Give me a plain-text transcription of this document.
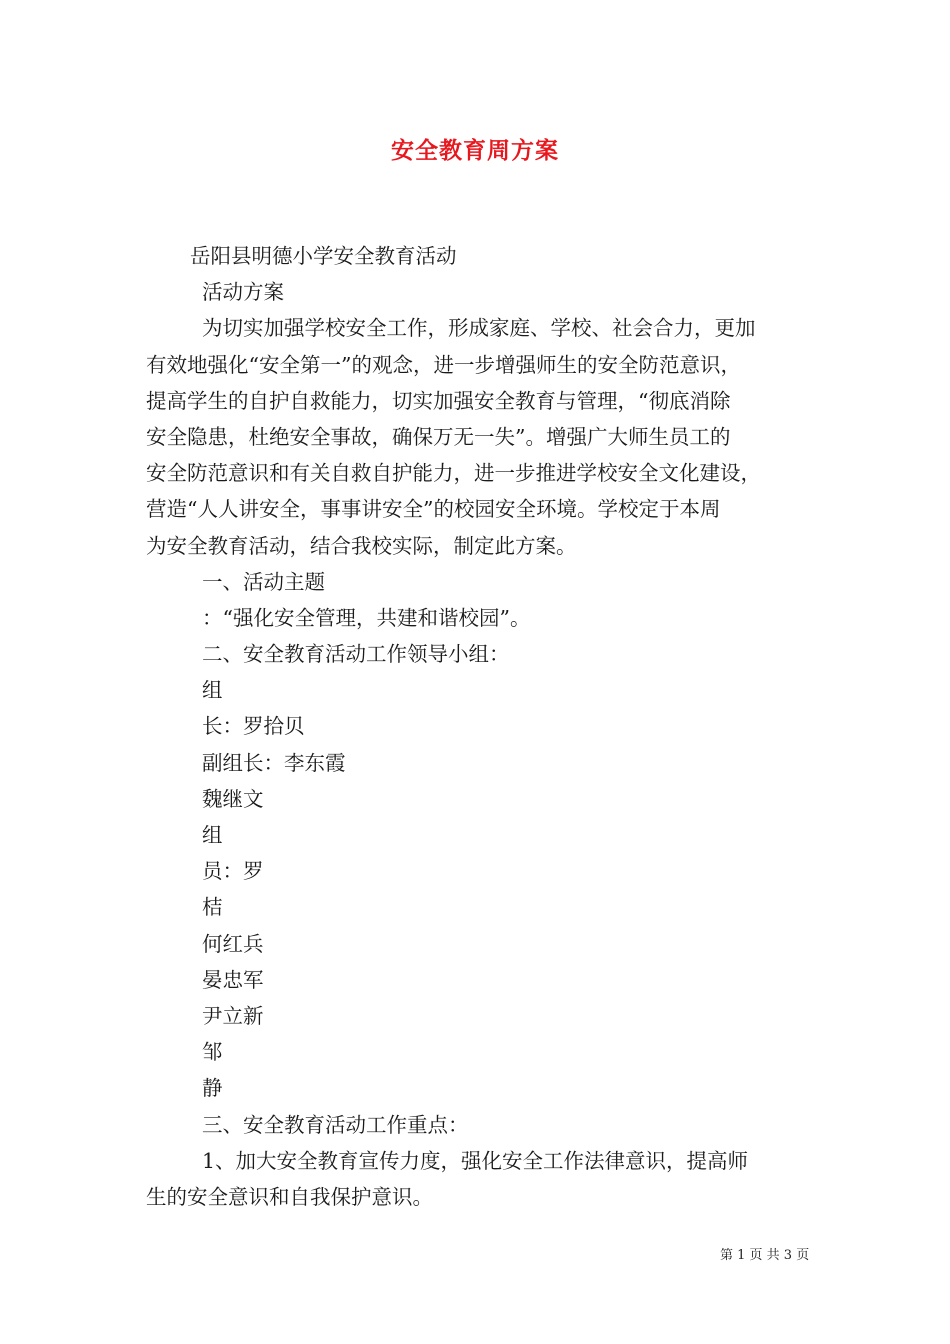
安全教育周方案
岳阳县明德小学安全教育活动
活动方案
为切实加强学校安全工作，形成家庭、学校、社会合力，更加
有效地强化“安全第一”的观念，进一步增强师生的安全防范意识，
提高学生的自护自救能力，切实加强安全教育与管理，“彻底消除
安全隐患，杜绝安全事故，确保万无一失”。增强广大师生员工的
安全防范意识和有关自救自护能力，进一步推进学校安全文化建设，
营造“人人讲安全，事事讲安全”的校园安全环境。学校定于本周
为安全教育活动，结合我校实际，制定此方案。
一、活动主题
：“强化安全管理，共建和谐校园”。
二、安全教育活动工作领导小组：
组
长：罗拾贝
副组长：李东霞
魏继文
组
员：罗
桔
何红兵
晏忠军
尹立新
邹
静
三、安全教育活动工作重点：
1、加大安全教育宣传力度，强化安全工作法律意识，提高师
生的安全意识和自我保护意识。
第 1 页 共 3 页
